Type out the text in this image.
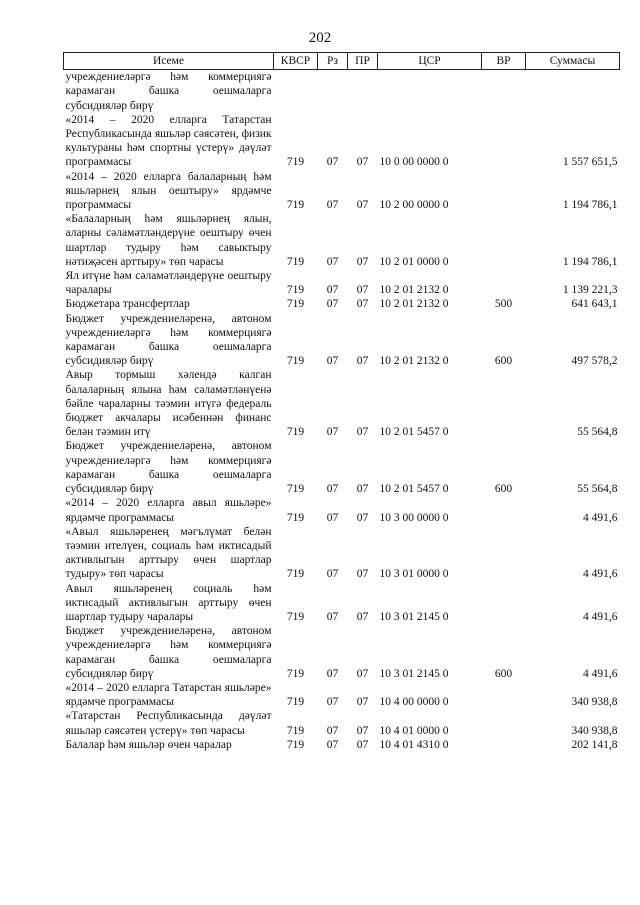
202
Исеме	КВСР	Рз	ПР	ЦСР	ВР	Суммасы
учреждениеләргә һәм коммерциягә карамаган башка оешмаларга субсидияләр бирү						
«2014 – 2020 елларга Татарстан Республикасында яшьләр сәясәтен, физик культураны һәм спортны үстерү» дәүләт программасы	719	07	07	10 0 00 0000 0		1 557 651,5
«2014 – 2020 елларга балаларның һәм яшьләрнең ялын оештыру» ярдәмче программасы	719	07	07	10 2 00 0000 0		1 194 786,1
«Балаларның һәм яшьләрнең ялын, аларны сәламәтләндерүне оештыру өчен шартлар тудыру һәм савыктыру нәтиҗәсен арттыру» төп чарасы	719	07	07	10 2 01 0000 0		1 194 786,1
Ял итүне һәм сәламәтләндерүне оештыру чаралары	719	07	07	10 2 01 2132 0		1 139 221,3
Бюджетара трансфертлар	719	07	07	10 2 01 2132 0	500	641 643,1
Бюджет учреждениеләренә, автоном учреждениеләргә һәм коммерциягә карамаган башка оешмаларга субсидияләр бирү	719	07	07	10 2 01 2132 0	600	497 578,2
Авыр тормыш хәлендә калган балаларның ялына һәм сәламәтләнүенә бәйле чараларны тәэмин итүгә федераль бюджет акчалары исәбеннән финанс белән тәэмин итү	719	07	07	10 2 01 5457 0		55 564,8
Бюджет учреждениеләренә, автоном учреждениеләргә һәм коммерциягә карамаган башка оешмаларга субсидияләр бирү	719	07	07	10 2 01 5457 0	600	55 564,8
«2014 – 2020 елларга авыл яшьләре» ярдәмче программасы	719	07	07	10 3 00 0000 0		4 491,6
«Авыл яшьләренең мәгълүмат белән тәэмин ителүен, социаль һәм иктисадый активлыгын арттыру өчен шартлар тудыру» төп чарасы	719	07	07	10 3 01 0000 0		4 491,6
Авыл яшьләренең социаль һәм иктисадый активлыгын арттыру өчен шартлар тудыру чаралары	719	07	07	10 3 01 2145 0		4 491,6
Бюджет учреждениеләренә, автоном учреждениеләргә һәм коммерциягә карамаган башка оешмаларга субсидияләр бирү	719	07	07	10 3 01 2145 0	600	4 491,6
«2014 – 2020 елларга Татарстан яшьләре» ярдәмче программасы	719	07	07	10 4 00 0000 0		340 938,8
«Татарстан Республикасында дәүләт яшьләр сәясәтен үстерү» төп чарасы	719	07	07	10 4 01 0000 0		340 938,8
Балалар һәм яшьләр өчен чаралар	719	07	07	10 4 01 4310 0		202 141,8
